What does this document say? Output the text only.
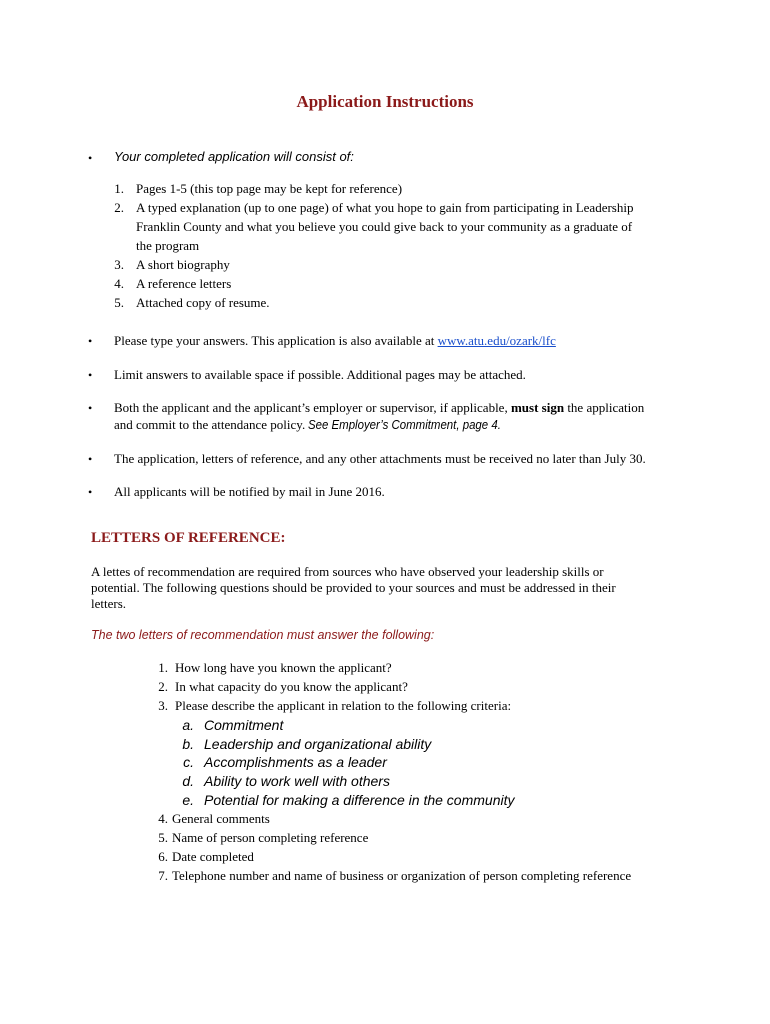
Application Instructions
• Your completed application will consist of:
1. Pages 1-5 (this top page may be kept for reference)
2. A typed explanation (up to one page) of what you hope to gain from participating in Leadership
Franklin County and what you believe you could give back to your community as a graduate of
the program
3. A short biography
4. A reference letters
5. Attached copy of resume.
• Please type your answers. This application is also available at www.atu.edu/ozark/lfc
• Limit answers to available space if possible. Additional pages may be attached.
• Both the applicant and the applicant’s employer or supervisor, if applicable, must sign the application
and commit to the attendance policy. See Employer’s Commitment, page 4.
• The application, letters of reference, and any other attachments must be received no later than July 30.
• All applicants will be notified by mail in June 2016.
LETTERS OF REFERENCE:
A lettes of recommendation are required from sources who have observed your leadership skills or
potential. The following questions should be provided to your sources and must be addressed in their
letters.
The two letters of recommendation must answer the following:
1. How long have you known the applicant?
2. In what capacity do you know the applicant?
3. Please describe the applicant in relation to the following criteria:
a. Commitment
b. Leadership and organizational ability
c. Accomplishments as a leader
d. Ability to work well with others
e. Potential for making a difference in the community
4. General comments
5. Name of person completing reference
6. Date completed
7. Telephone number and name of business or organization of person completing reference
